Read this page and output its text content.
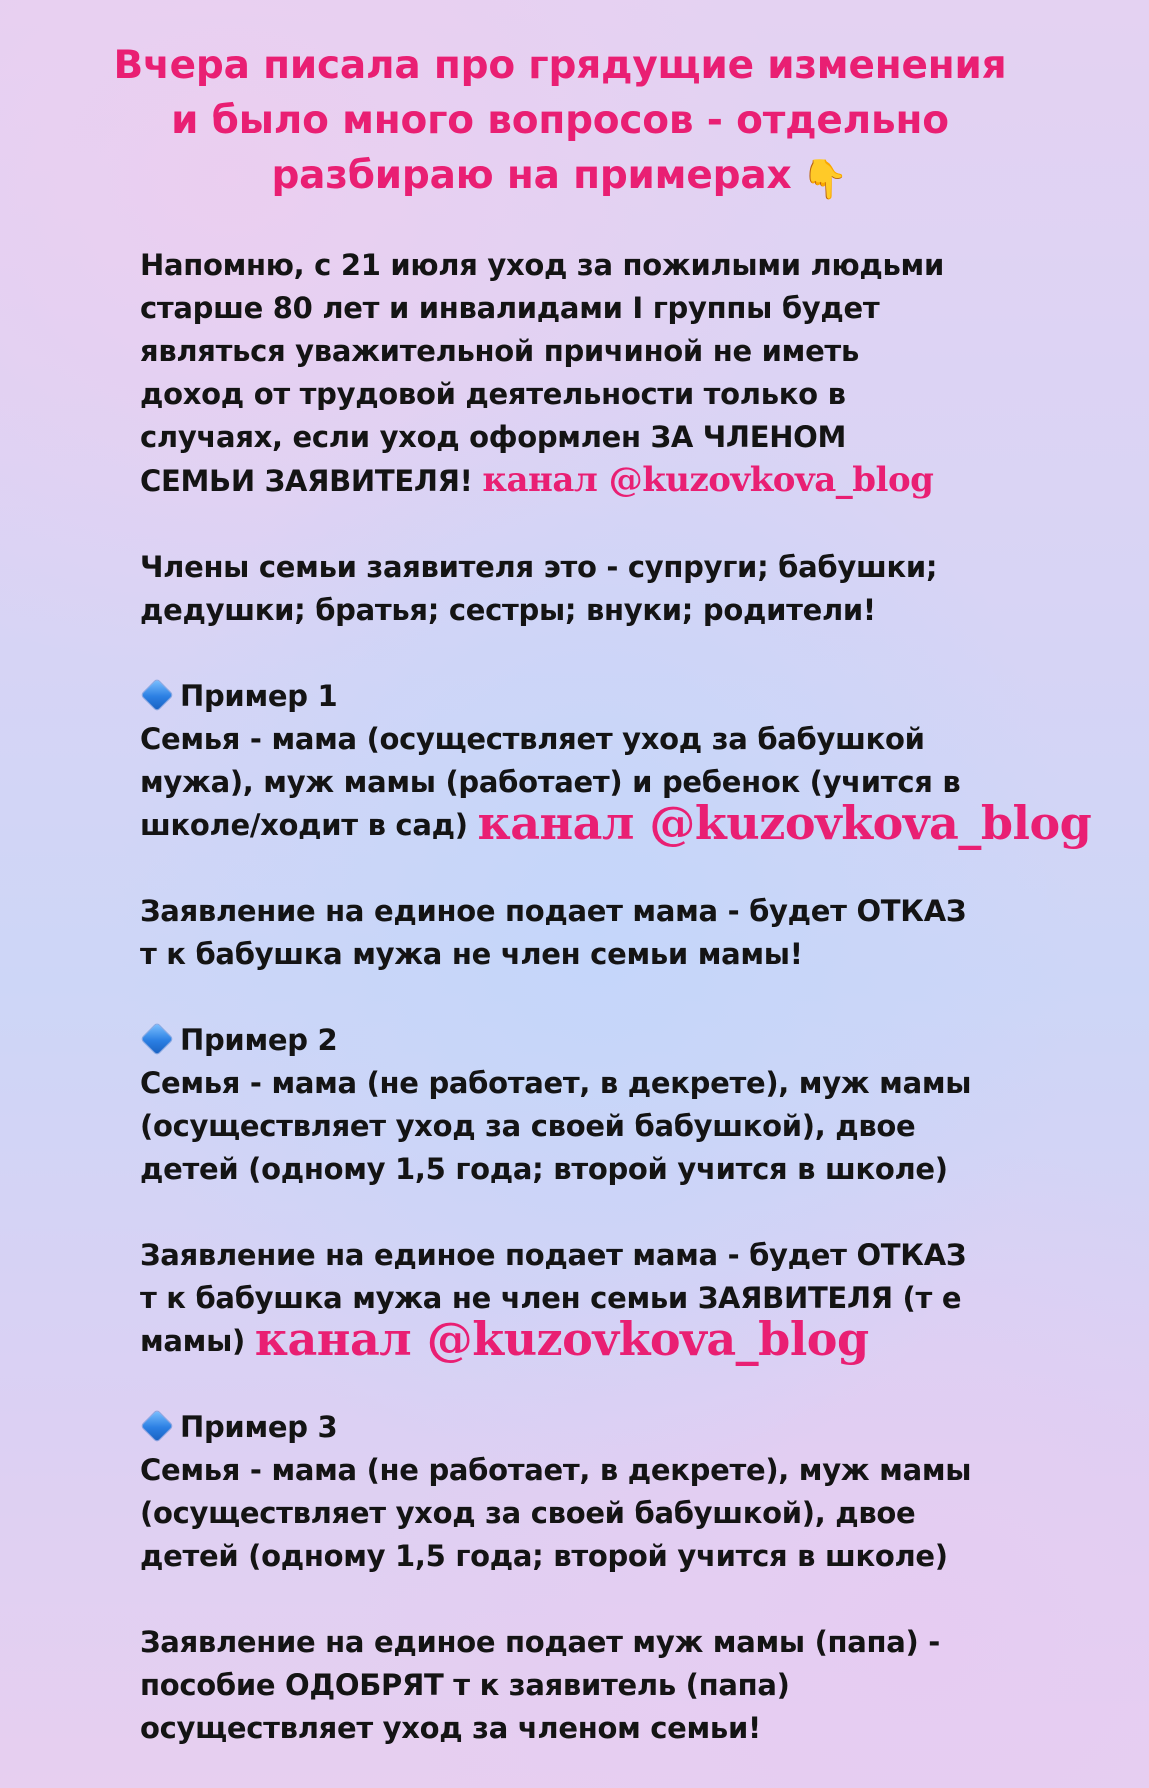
Вчера писала про грядущие изменения
и было много вопросов - отдельно
разбираю на примерах 👇

Напомню, с 21 июля уход за пожилыми людьми
старше 80 лет и инвалидами I группы будет
являться уважительной причиной не иметь
доход от трудовой деятельности только в
случаях, если уход оформлен ЗА ЧЛЕНОМ
СЕМЬИ ЗАЯВИТЕЛЯ! канал @kuzovkova_blog

Члены семьи заявителя это - супруги; бабушки;
дедушки; братья; сестры; внуки; родители!

Пример 1
Семья - мама (осуществляет уход за бабушкой
мужа), муж мамы (работает) и ребенок (учится в
школе/ходит в сад) канал @kuzovkova_blog

Заявление на единое подает мама - будет ОТКАЗ
т к бабушка мужа не член семьи мамы!

Пример 2
Семья - мама (не работает, в декрете), муж мамы
(осуществляет уход за своей бабушкой), двое
детей (одному 1,5 года; второй учится в школе)

Заявление на единое подает мама - будет ОТКАЗ
т к бабушка мужа не член семьи ЗАЯВИТЕЛЯ (т е
мамы) канал @kuzovkova_blog

Пример 3
Семья - мама (не работает, в декрете), муж мамы
(осуществляет уход за своей бабушкой), двое
детей (одному 1,5 года; второй учится в школе)

Заявление на единое подает муж мамы (папа) -
пособие ОДОБРЯТ т к заявитель (папа)
осуществляет уход за членом семьи!
